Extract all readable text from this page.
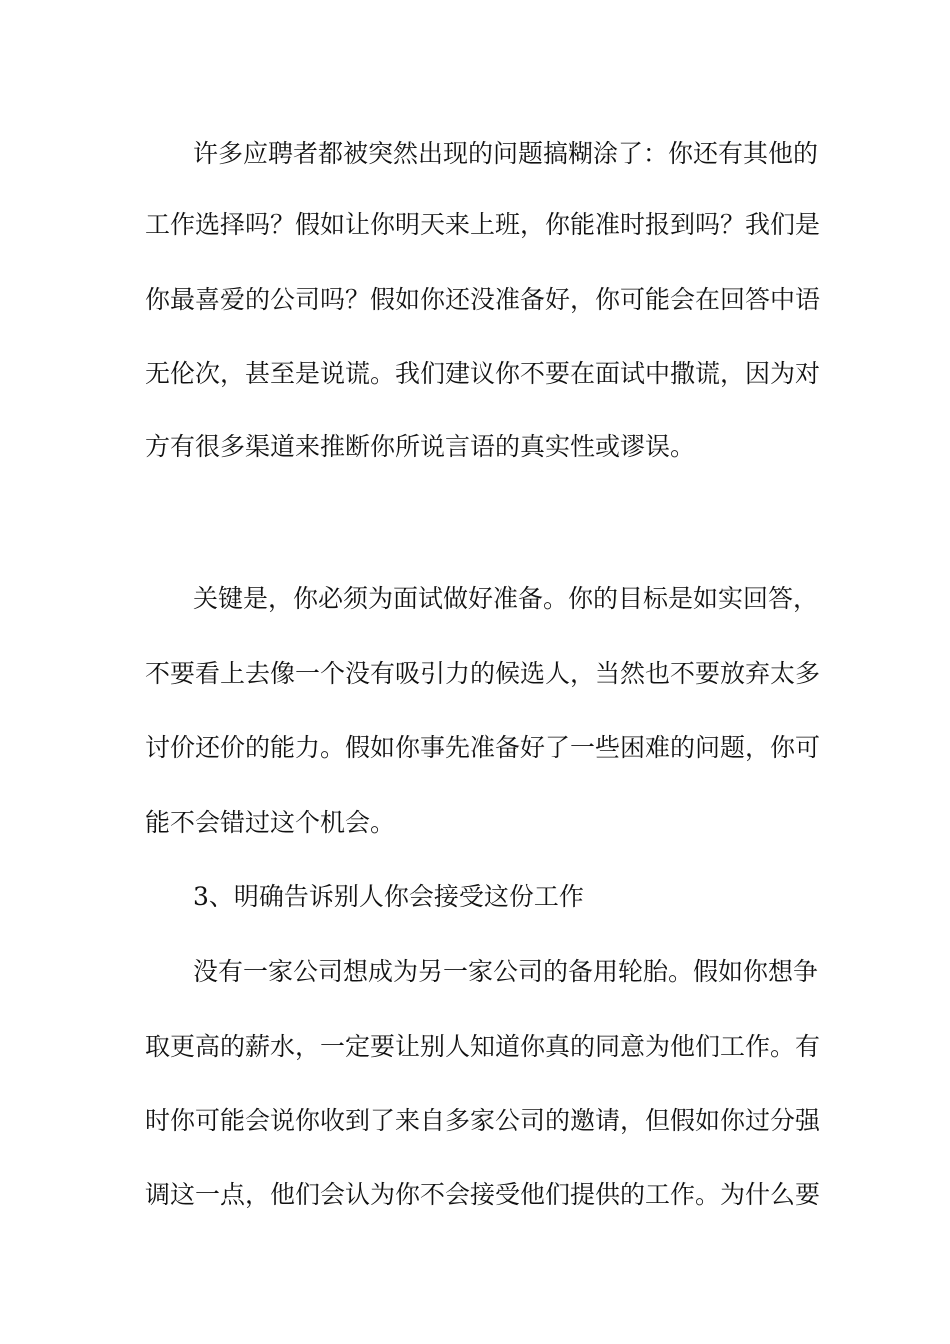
许多应聘者都被突然出现的问题搞糊涂了：你还有其他的
工作选择吗？假如让你明天来上班，你能准时报到吗？我们是
你最喜爱的公司吗？假如你还没准备好，你可能会在回答中语
无伦次，甚至是说谎。我们建议你不要在面试中撒谎，因为对
方有很多渠道来推断你所说言语的真实性或谬误。
关键是，你必须为面试做好准备。你的目标是如实回答，
不要看上去像一个没有吸引力的候选人，当然也不要放弃太多
讨价还价的能力。假如你事先准备好了一些困难的问题，你可
能不会错过这个机会。
3、明确告诉别人你会接受这份工作
没有一家公司想成为另一家公司的备用轮胎。假如你想争
取更高的薪水，一定要让别人知道你真的同意为他们工作。有
时你可能会说你收到了来自多家公司的邀请，但假如你过分强
调这一点，他们会认为你不会接受他们提供的工作。为什么要
